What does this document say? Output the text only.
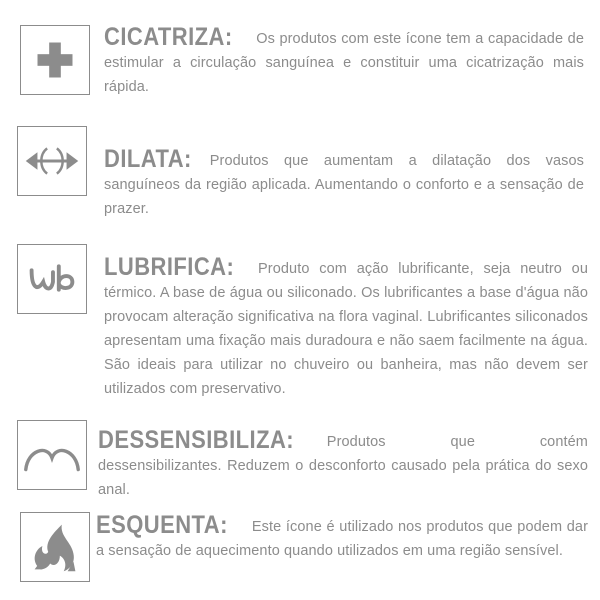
CICATRIZA: Os produtos com este ícone tem a capacidade de estimular a circulação sanguínea e constituir uma cicatrização mais rápida.
DILATA: Produtos que aumentam a dilatação dos vasos sanguíneos da região aplicada. Aumentando o conforto e a sensação de prazer.
LUBRIFICA: Produto com ação lubrificante, seja neutro ou térmico. A base de água ou siliconado. Os lubrificantes a base d'água não provocam alteração significativa na flora vaginal. Lubrificantes siliconados apresentam uma fixação mais duradoura e não saem facilmente na água. São ideais para utilizar no chuveiro ou banheira, mas não devem ser utilizados com preservativo.
DESSENSIBILIZA: Produtos que contém dessensibilizantes. Reduzem o desconforto causado pela prática do sexo anal.
ESQUENTA: Este ícone é utilizado nos produtos que podem dar a sensação de aquecimento quando utilizados em uma região sensível.
